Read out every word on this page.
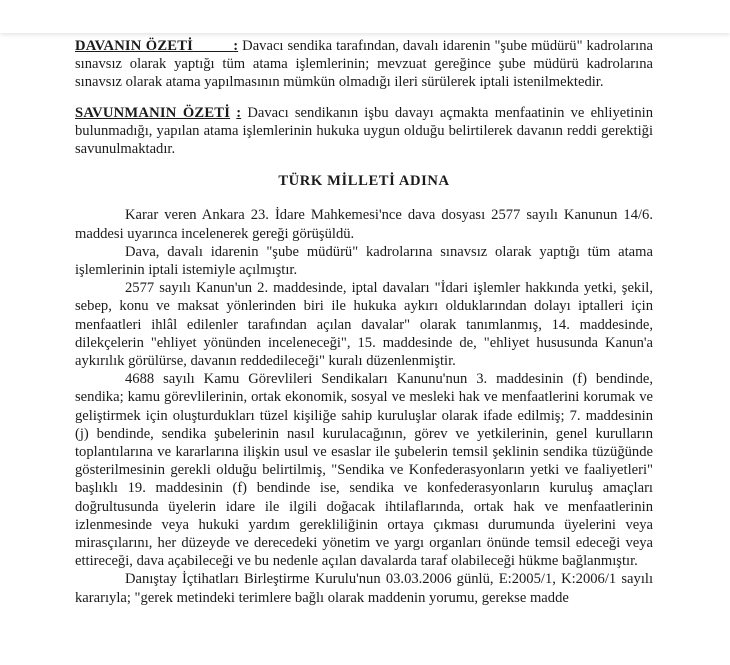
DAVANIN ÖZETİ	: Davacı sendika tarafından, davalı idarenin "şube müdürü" kadrolarına sınavsız olarak yaptığı tüm atama işlemlerinin; mevzuat gereğince şube müdürü kadrolarına sınavsız olarak atama yapılmasının mümkün olmadığı ileri sürülerek iptali istenilmektedir.

SAVUNMANIN ÖZETİ : Davacı sendikanın işbu davayı açmakta menfaatinin ve ehliyetinin bulunmadığı, yapılan atama işlemlerinin hukuka uygun olduğu belirtilerek davanın reddi gerektiği savunulmaktadır.

TÜRK MİLLETİ ADINA

Karar veren Ankara 23. İdare Mahkemesi'nce dava dosyası 2577 sayılı Kanunun 14/6. maddesi uyarınca incelenerek gereği görüşüldü.

Dava, davalı idarenin "şube müdürü" kadrolarına sınavsız olarak yaptığı tüm atama işlemlerinin iptali istemiyle açılmıştır.

2577 sayılı Kanun'un 2. maddesinde, iptal davaları "İdari işlemler hakkında yetki, şekil, sebep, konu ve maksat yönlerinden biri ile hukuka aykırı olduklarından dolayı iptalleri için menfaatleri ihlâl edilenler tarafından açılan davalar" olarak tanımlanmış, 14. maddesinde, dilekçelerin "ehliyet yönünden inceleneceği", 15. maddesinde de, "ehliyet hususunda Kanun'a aykırılık görülürse, davanın reddedileceği" kuralı düzenlenmiştir.

4688 sayılı Kamu Görevlileri Sendikaları Kanunu'nun 3. maddesinin (f) bendinde, sendika; kamu görevlilerinin, ortak ekonomik, sosyal ve mesleki hak ve menfaatlerini korumak ve geliştirmek için oluşturdukları tüzel kişiliğe sahip kuruluşlar olarak ifade edilmiş; 7. maddesinin (j) bendinde, sendika şubelerinin nasıl kurulacağının, görev ve yetkilerinin, genel kurulların toplantılarına ve kararlarına ilişkin usul ve esaslar ile şubelerin temsil şeklinin sendika tüzüğünde gösterilmesinin gerekli olduğu belirtilmiş, "Sendika ve Konfederasyonların yetki ve faaliyetleri" başlıklı 19. maddesinin (f) bendinde ise, sendika ve konfederasyonların kuruluş amaçları doğrultusunda üyelerin idare ile ilgili doğacak ihtilaflarında, ortak hak ve menfaatlerinin izlenmesinde veya hukuki yardım gerekliliğinin ortaya çıkması durumunda üyelerini veya mirasçılarını, her düzeyde ve derecedeki yönetim ve yargı organları önünde temsil edeceği veya ettireceği, dava açabileceği ve bu nedenle açılan davalarda taraf olabileceği hükme bağlanmıştır.

Danıştay İçtihatları Birleştirme Kurulu'nun 03.03.2006 günlü, E:2005/1, K:2006/1 sayılı kararıyla; "gerek metindeki terimlere bağlı olarak maddenin yorumu, gerekse madde
